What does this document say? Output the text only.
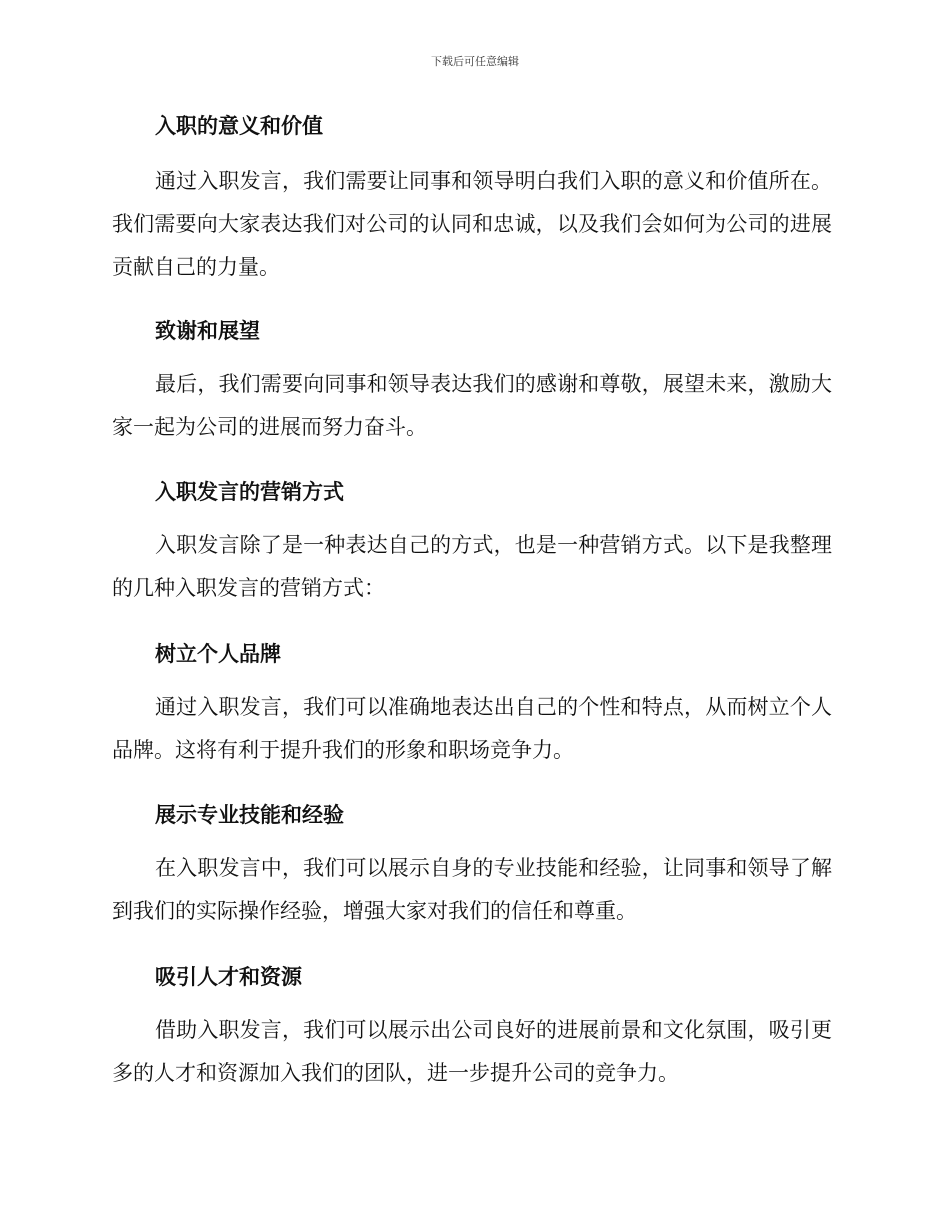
下载后可任意编辑
入职的意义和价值

通过入职发言，我们需要让同事和领导明白我们入职的意义和价值所在。我们需要向大家表达我们对公司的认同和忠诚，以及我们会如何为公司的进展贡献自己的力量。

致谢和展望

最后，我们需要向同事和领导表达我们的感谢和尊敬，展望未来，激励大家一起为公司的进展而努力奋斗。

入职发言的营销方式

入职发言除了是一种表达自己的方式，也是一种营销方式。以下是我整理的几种入职发言的营销方式：

树立个人品牌

通过入职发言，我们可以准确地表达出自己的个性和特点，从而树立个人品牌。这将有利于提升我们的形象和职场竞争力。

展示专业技能和经验

在入职发言中，我们可以展示自身的专业技能和经验，让同事和领导了解到我们的实际操作经验，增强大家对我们的信任和尊重。

吸引人才和资源

借助入职发言，我们可以展示出公司良好的进展前景和文化氛围，吸引更多的人才和资源加入我们的团队，进一步提升公司的竞争力。
